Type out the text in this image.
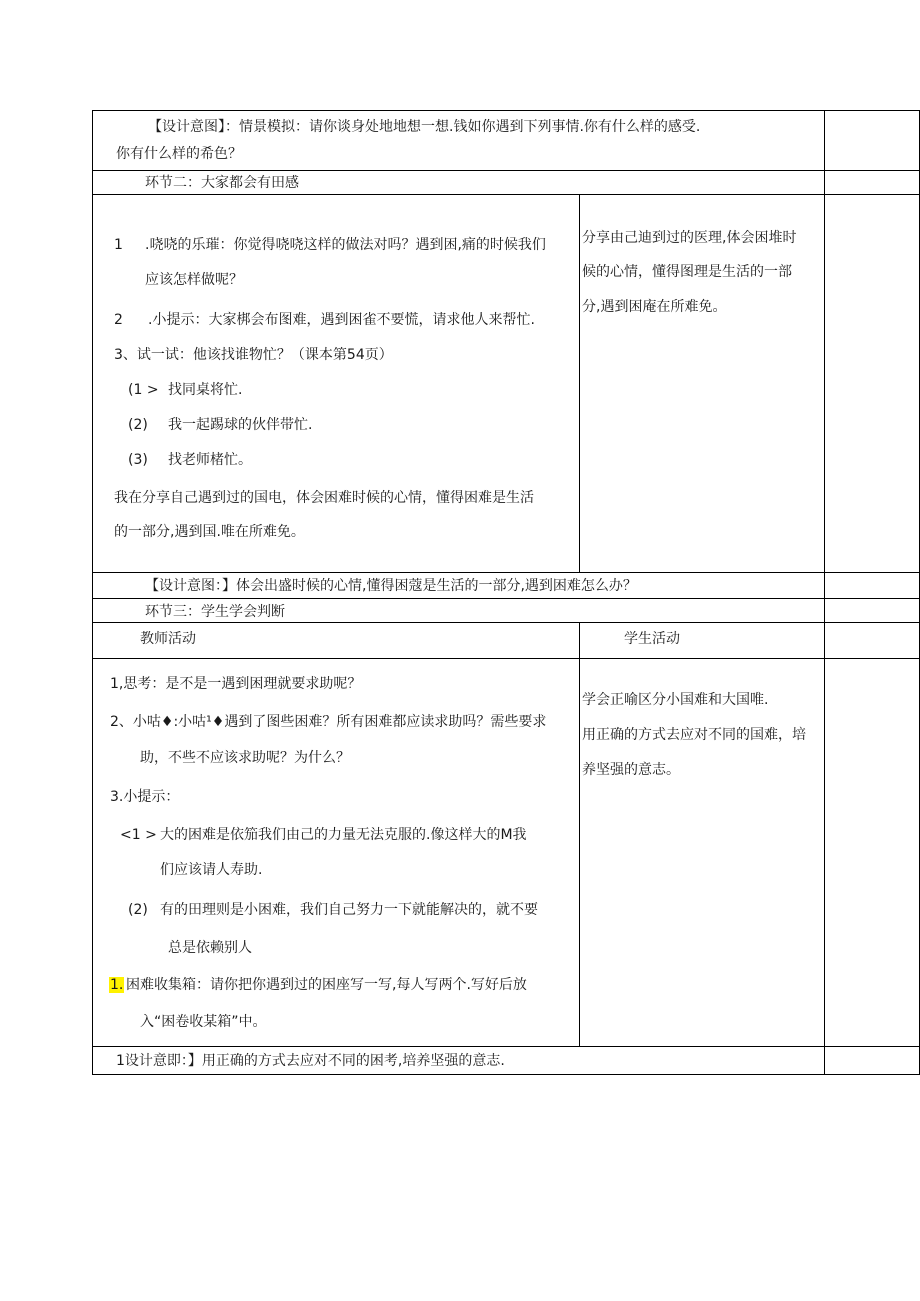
【设计意图】：情景模拟：请你谈身处地地想一想.钱如你遇到下列事情.你有什么样的感受.
你有什么样的希色？
环节二：大家都会有田感
1 .哓哓的乐璀：你觉得哓哓这样的做法对吗？遇到困,痛的时候我们
应该怎样做呢？
2 .小提示：大家梆会布图难，遇到困雀不要慌，请求他人来帮忙.
3、试一试：他该找谁物忙？（课本第54页）
(1 > 找同桌将忙.
(2) 我一起踢球的伙伴带忙.
(3) 找老师楮忙。
我在分享自己遇到过的国电，体会困难时候的心情，懂得困难是生活
的一部分,遇到国.唯在所难免。
分享由己迪到过的医理,体会困堆时
候的心情，懂得图理是生活的一部
分,遇到困庵在所难免。
【设计意图：】体会出盛时候的心情,懂得困蔻是生活的一部分,遇到困难怎么办？
环节三：学生学会判断
教师活动	学生活动
1,思考：是不是一遇到困理就要求助呢？
2、小咕♦:小咕¹♦遇到了图些困难？所有困难都应读求助吗？需些要求
助，不些不应该求助呢？为什么？
3.小提示：
<1 > 大的困难是依笳我们由己的力量无法克服的.像这样大的M我
们应该请人寿助.
(2) 有的田理则是小困难，我们自己努力一下就能解决的，就不要
总是依赖别人
1. 困难收集箱：请你把你遇到过的困座写一写,每人写两个.写好后放
入“困卷收某箱”中。
学会正喻区分小国难和大国唯.
用正确的方式去应对不同的国难，培
养坚强的意志。
1设计意即：】用正确的方式去应对不同的困考,培养坚强的意志.
